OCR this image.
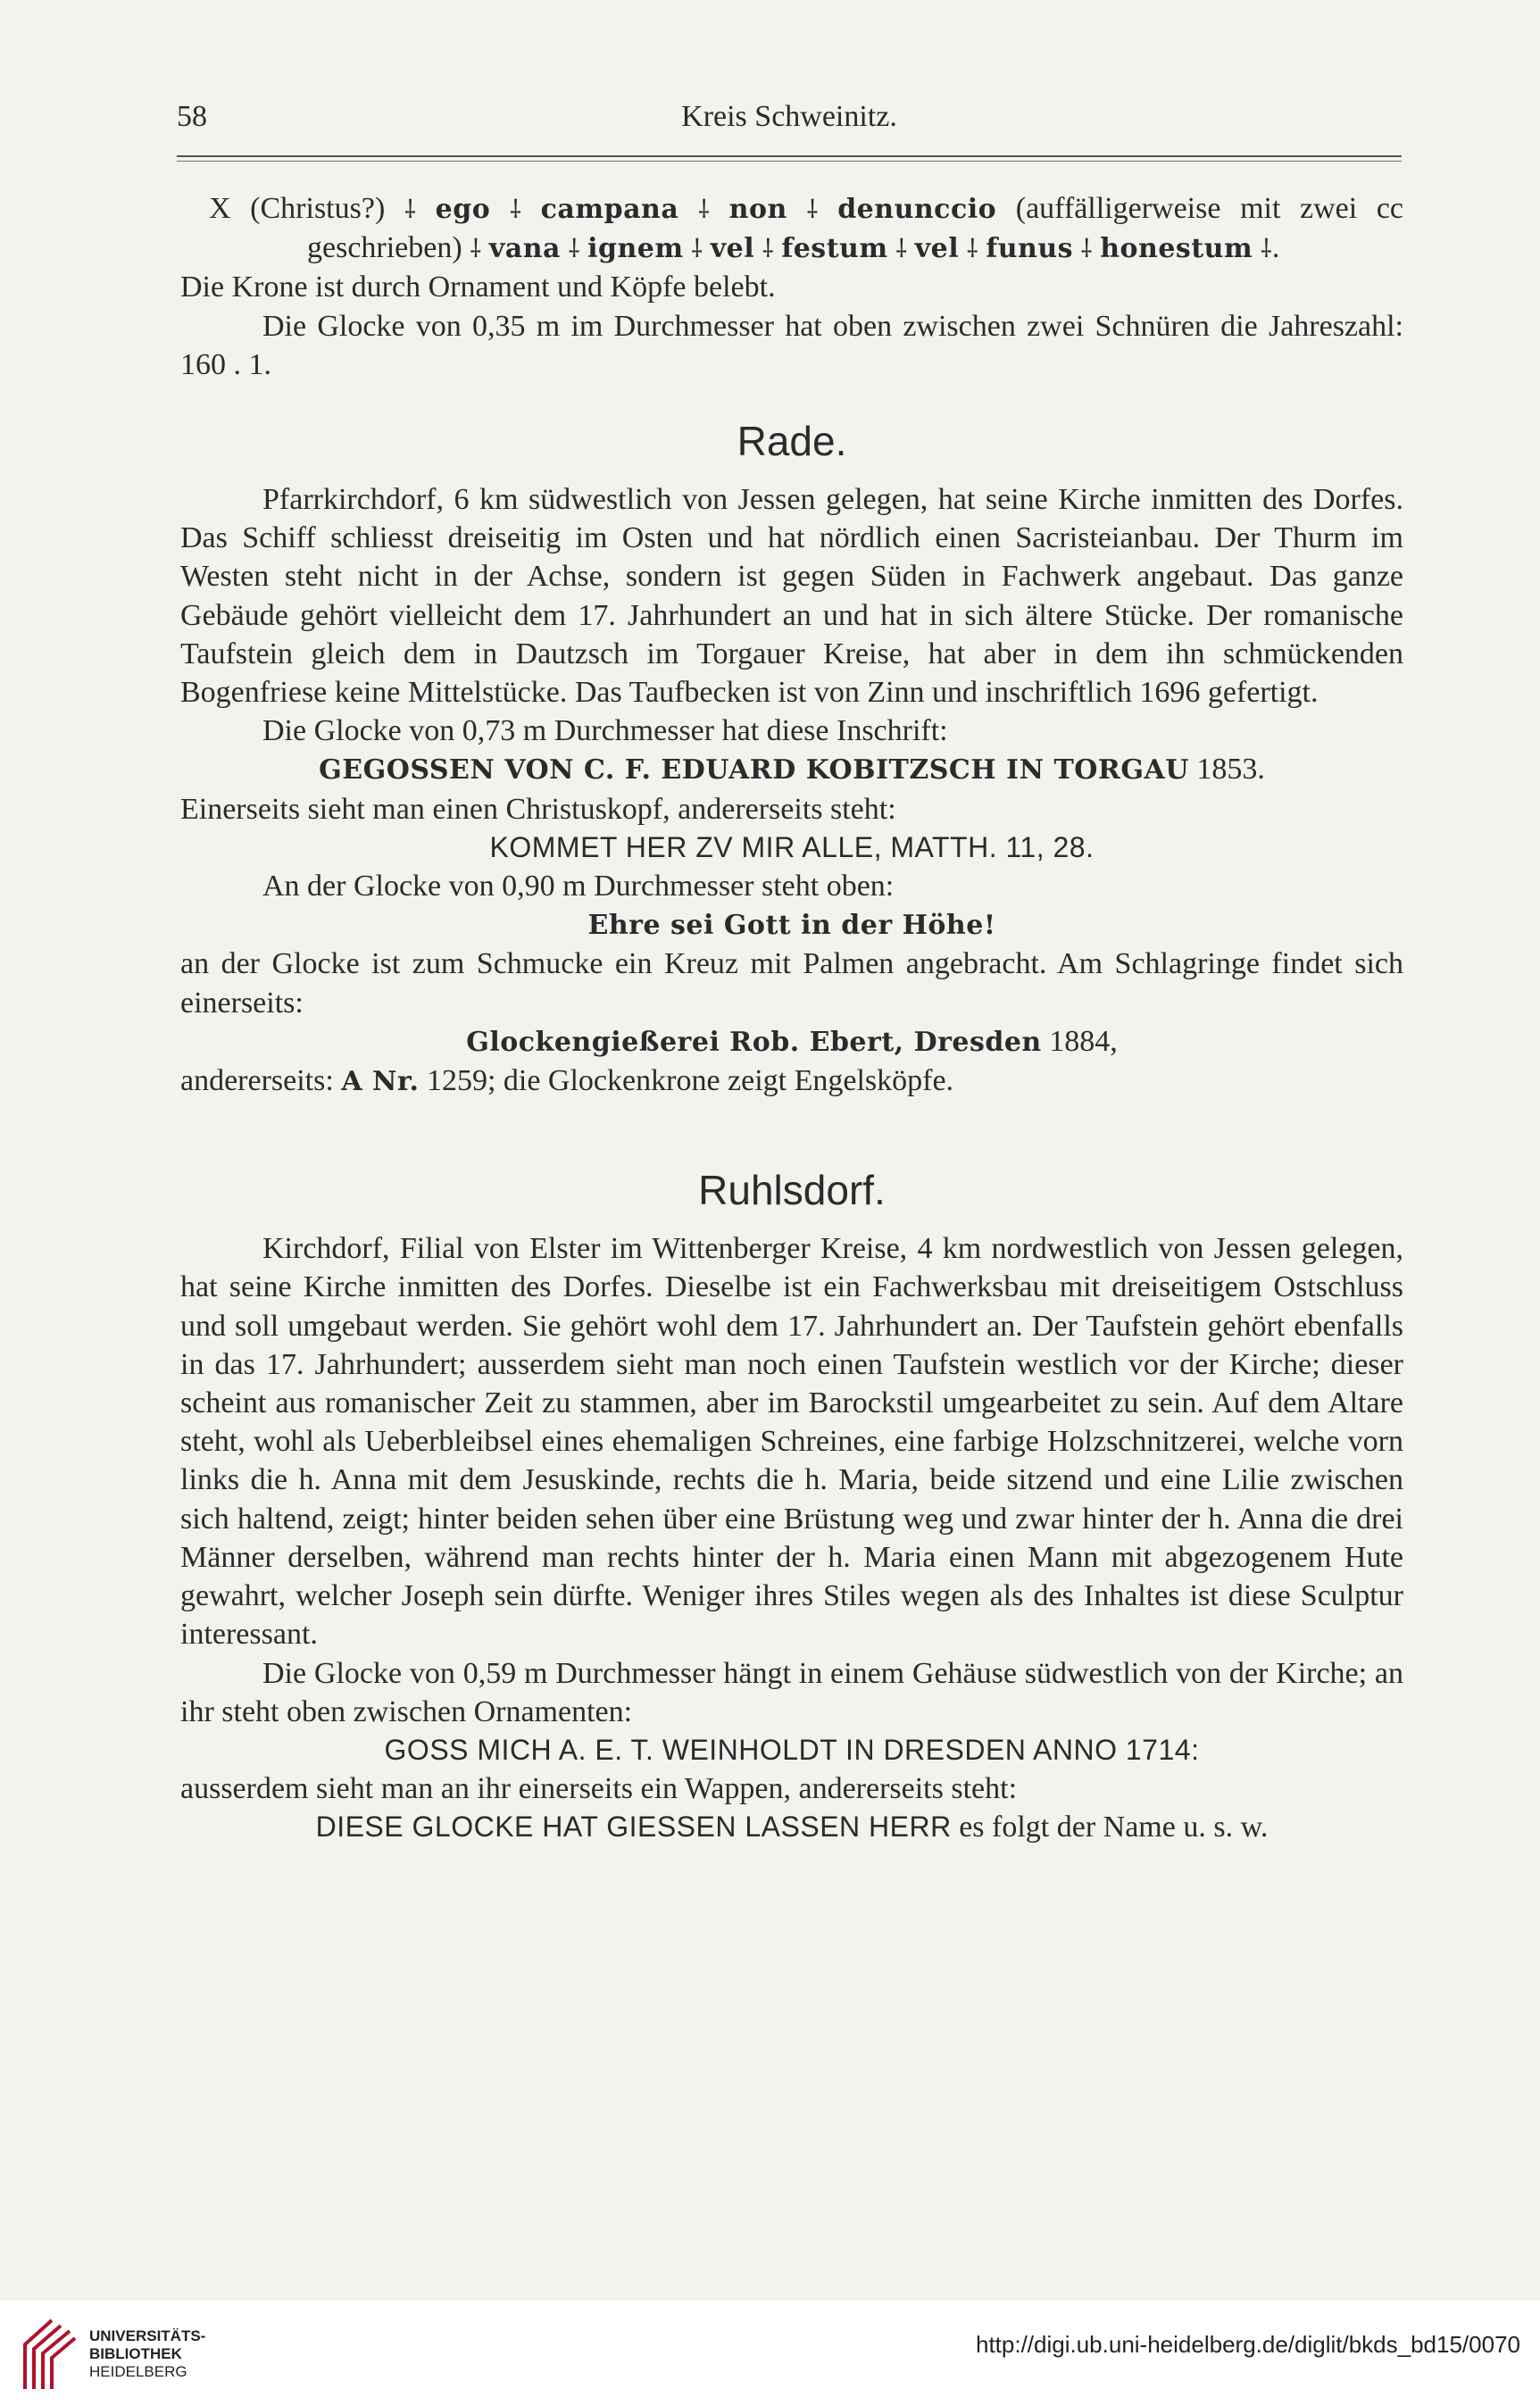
58	Kreis Schweinitz.

X (Christus?) ⸸ ego ⸸ campana ⸸ non ⸸ denunccio (auffälligerweise mit zwei cc geschrieben) ⸸ vana ⸸ ignem ⸸ vel ⸸ festum ⸸ vel ⸸ funus ⸸ honestum ⸸.

Die Krone ist durch Ornament und Köpfe belebt.

Die Glocke von 0,35 m im Durchmesser hat oben zwischen zwei Schnüren die Jahreszahl: 160 . 1.

Rade.

Pfarrkirchdorf, 6 km südwestlich von Jessen gelegen, hat seine Kirche inmitten des Dorfes. Das Schiff schliesst dreiseitig im Osten und hat nördlich einen Sacristeianbau. Der Thurm im Westen steht nicht in der Achse, sondern ist gegen Süden in Fachwerk angebaut. Das ganze Gebäude gehört vielleicht dem 17. Jahrhundert an und hat in sich ältere Stücke. Der romanische Taufstein gleich dem in Dautzsch im Torgauer Kreise, hat aber in dem ihn schmückenden Bogenfriese keine Mittelstücke. Das Taufbecken ist von Zinn und inschriftlich 1696 gefertigt.

Die Glocke von 0,73 m Durchmesser hat diese Inschrift:

GEGOSSEN VON C. F. EDUARD KOBITZSCH IN TORGAU 1853.

Einerseits sieht man einen Christuskopf, andererseits steht:

KOMMET HER ZV MIR ALLE, MATTH. 11, 28.

An der Glocke von 0,90 m Durchmesser steht oben:

Ehre sei Gott in der Höhe!

an der Glocke ist zum Schmucke ein Kreuz mit Palmen angebracht. Am Schlagringe findet sich einerseits:

Glockengießerei Rob. Ebert, Dresden 1884,

andererseits: A Nr. 1259; die Glockenkrone zeigt Engelsköpfe.

Ruhlsdorf.

Kirchdorf, Filial von Elster im Wittenberger Kreise, 4 km nordwestlich von Jessen gelegen, hat seine Kirche inmitten des Dorfes. Dieselbe ist ein Fachwerksbau mit dreiseitigem Ostschluss und soll umgebaut werden. Sie gehört wohl dem 17. Jahrhundert an. Der Taufstein gehört ebenfalls in das 17. Jahrhundert; ausserdem sieht man noch einen Taufstein westlich vor der Kirche; dieser scheint aus romanischer Zeit zu stammen, aber im Barockstil umgearbeitet zu sein. Auf dem Altare steht, wohl als Ueberbleibsel eines ehemaligen Schreines, eine farbige Holzschnitzerei, welche vorn links die h. Anna mit dem Jesuskinde, rechts die h. Maria, beide sitzend und eine Lilie zwischen sich haltend, zeigt; hinter beiden sehen über eine Brüstung weg und zwar hinter der h. Anna die drei Männer derselben, während man rechts hinter der h. Maria einen Mann mit abgezogenem Hute gewahrt, welcher Joseph sein dürfte. Weniger ihres Stiles wegen als des Inhaltes ist diese Sculptur interessant.

Die Glocke von 0,59 m Durchmesser hängt in einem Gehäuse südwestlich von der Kirche; an ihr steht oben zwischen Ornamenten:

GOSS MICH A. E. T. WEINHOLDT IN DRESDEN ANNO 1714:

ausserdem sieht man an ihr einerseits ein Wappen, andererseits steht:

DIESE GLOCKE HAT GIESSEN LASSEN HERR es folgt der Name u. s. w.

UNIVERSITÄTS-
BIBLIOTHEK
HEIDELBERG
http://digi.ub.uni-heidelberg.de/diglit/bkds_bd15/0070
